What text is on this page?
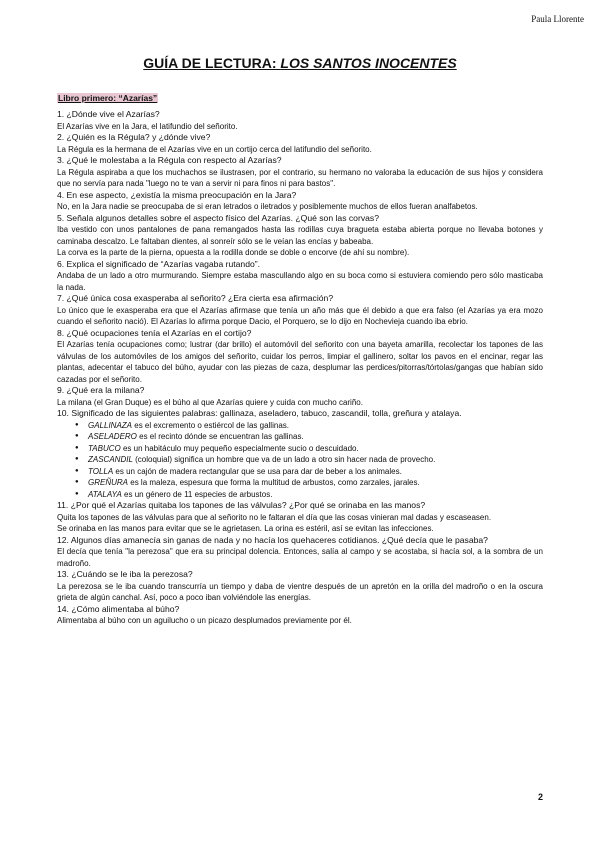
Paula Llorente
GUÍA DE LECTURA: LOS SANTOS INOCENTES
Libro primero: “Azarías”

1. ¿Dónde vive el Azarías?

El Azarías vive en la Jara, el latifundio del señorito.

2. ¿Quién es la Régula? y ¿dónde vive?

La Régula es la hermana de el Azarías vive en un cortijo cerca del latifundio del señorito.

3. ¿Qué le molestaba a la Régula con respecto al Azarías?

La Régula aspiraba a que los muchachos se ilustrasen, por el contrario, su hermano no valoraba la educación de sus hijos y considera que no servía para nada "luego no te van a servir ni para finos ni para bastos".

4. En ese aspecto, ¿existía la misma preocupación en la Jara?

No, en la Jara nadie se preocupaba de si eran letrados o iletrados y posiblemente muchos de ellos fueran analfabetos.

5. Señala algunos detalles sobre el aspecto físico del Azarías. ¿Qué son las corvas?

Iba vestido con unos pantalones de pana remangados hasta las rodillas cuya bragueta estaba abierta porque no llevaba botones y caminaba descalzo. Le faltaban dientes, al sonreír sólo se le veían las encías y babeaba.

La corva es la parte de la pierna, opuesta a la rodilla donde se doble o encorve (de ahí su nombre).

6. Explica el significado de “Azarías vagaba rutando”.

Andaba de un lado a otro murmurando. Siempre estaba mascullando algo en su boca como si estuviera comiendo pero sólo masticaba la nada.

7. ¿Qué única cosa exasperaba al señorito? ¿Era cierta esa afirmación?

Lo único que le exasperaba era que el Azarías afirmase que tenía un año más que él debido a que era falso (el Azarías ya era mozo cuando el señorito nació). El Azarías lo afirma porque Dacio, el Porquero, se lo dijo en Nochevieja cuando iba ebrio.

8. ¿Qué ocupaciones tenía el Azarías en el cortijo?

El Azarías tenía ocupaciones como; lustrar (dar brillo) el automóvil del señorito con una bayeta amarilla, recolectar los tapones de las válvulas de los automóviles de los amigos del señorito, cuidar los perros, limpiar el gallinero, soltar los pavos en el encinar, regar las plantas, adecentar el tabuco del búho, ayudar con las piezas de caza, desplumar las perdices/pitorras/tórtolas/gangas que habían sido cazadas por el señorito.

9. ¿Qué era la milana?

La milana (el Gran Duque) es el búho al que Azarías quiere y cuida con mucho cariño.

10. Significado de las siguientes palabras: gallinaza, aseladero, tabuco, zascandil, tolla, greñura y atalaya.

● GALLINAZA es el excremento o estiércol de las gallinas.
● ASELADERO es el recinto dónde se encuentran las gallinas.
● TABUCO es un habitáculo muy pequeño especialmente sucio o descuidado.
● ZASCANDIL (coloquial) significa un hombre que va de un lado a otro sin hacer nada de provecho.
● TOLLA es un cajón de madera rectangular que se usa para dar de beber a los animales.
● GREÑURA es la maleza, espesura que forma la multitud de arbustos, como zarzales, jarales.
● ATALAYA es un género de 11 especies de arbustos.

11. ¿Por qué el Azarías quitaba los tapones de las válvulas? ¿Por qué se orinaba en las manos?

Quita los tapones de las válvulas para que al señorito no le faltaran el día que las cosas vinieran mal dadas y escaseasen.

Se orinaba en las manos para evitar que se le agrietasen. La orina es estéril, así se evitan las infecciones.

12. Algunos días amanecía sin ganas de nada y no hacía los quehaceres cotidianos. ¿Qué decía que le pasaba?

El decía que tenía "la perezosa" que era su principal dolencia. Entonces, salía al campo y se acostaba, si hacía sol, a la sombra de un madroño.

13. ¿Cuándo se le iba la perezosa?

La perezosa se le iba cuando transcurría un tiempo y daba de vientre después de un apretón en la orilla del madroño o en la oscura grieta de algún canchal. Así, poco a poco iban volviéndole las energías.

14. ¿Cómo alimentaba al búho?

Alimentaba al búho con un aguilucho o un picazo desplumados previamente por él.

2
